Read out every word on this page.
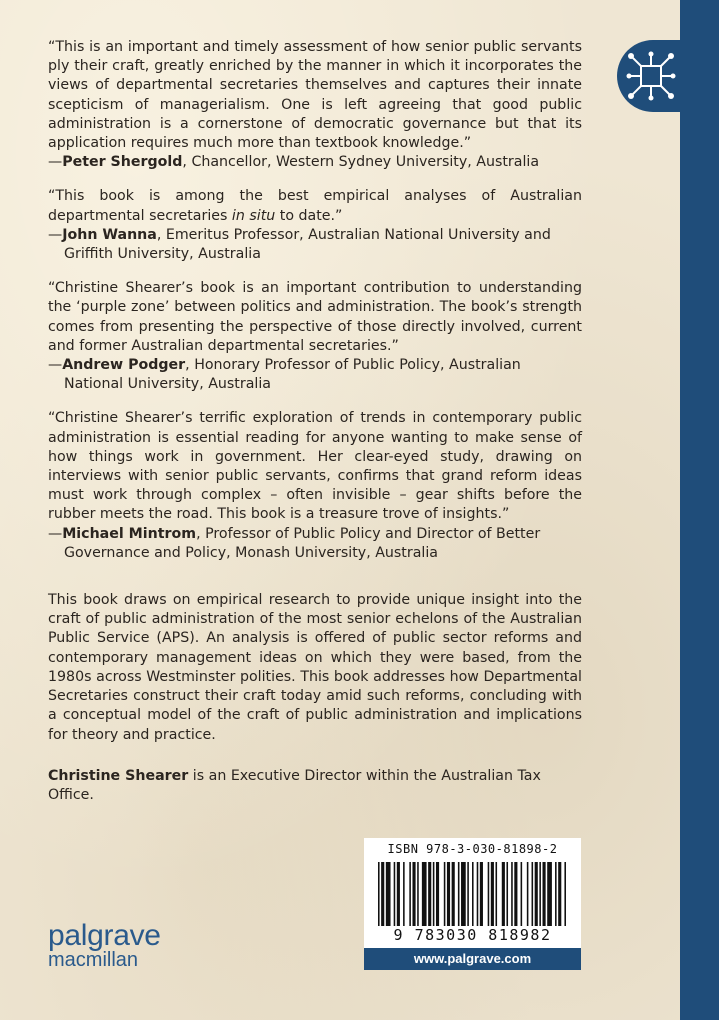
“This is an important and timely assessment of how senior public servants ply their craft, greatly enriched by the manner in which it incorporates the views of departmental secretaries themselves and captures their innate scepticism of managerialism. One is left agreeing that good public administration is a cornerstone of democratic governance but that its application requires much more than textbook knowledge.”

—Peter Shergold, Chancellor, Western Sydney University, Australia

“This book is among the best empirical analyses of Australian departmental secretaries in situ to date.”

—John Wanna, Emeritus Professor, Australian National University and Griffith University, Australia

“Christine Shearer’s book is an important contribution to understanding the ‘purple zone’ between politics and administration. The book’s strength comes from presenting the perspective of those directly involved, current and former Australian departmental secretaries.”

—Andrew Podger, Honorary Professor of Public Policy, Australian National University, Australia

“Christine Shearer’s terrific exploration of trends in contemporary public administration is essential reading for anyone wanting to make sense of how things work in government. Her clear-eyed study, drawing on interviews with senior public servants, confirms that grand reform ideas must work through complex – often invisible – gear shifts before the rubber meets the road. This book is a treasure trove of insights.”

—Michael Mintrom, Professor of Public Policy and Director of Better Governance and Policy, Monash University, Australia

This book draws on empirical research to provide unique insight into the craft of public administration of the most senior echelons of the Australian Public Service (APS). An analysis is offered of public sector reforms and contemporary management ideas on which they were based, from the 1980s across Westminster polities. This book addresses how Departmental Secretaries construct their craft today amid such reforms, concluding with a conceptual model of the craft of public administration and implications for theory and practice.

Christine Shearer is an Executive Director within the Australian Tax Office.

ISBN 978-3-030-81898-2
9 783030 818982
www.palgrave.com
palgrave
macmillan
